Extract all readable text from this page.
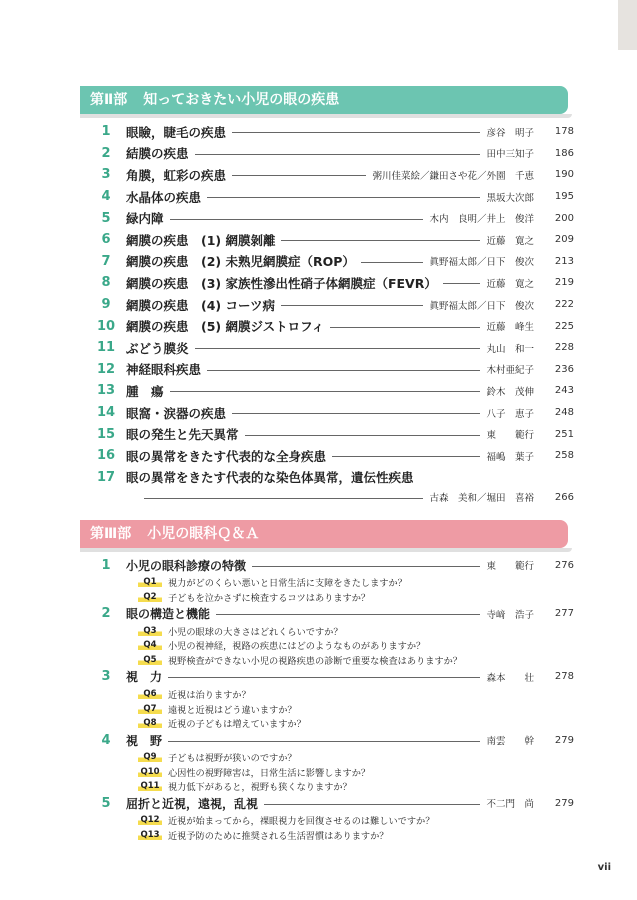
第Ⅱ部 知っておきたい小児の眼の疾患
1	眼瞼，睫毛の疾患	彦谷　明子	178
2	結膜の疾患	田中三知子	186
3	角膜，虹彩の疾患	粥川佳菜絵／鎌田さや花／外園　千恵	190
4	水晶体の疾患	黒坂大次郎	195
5	緑内障	木内　良明／井上　俊洋	200
6	網膜の疾患　(1) 網膜剝離	近藤　寛之	209
7	網膜の疾患　(2) 未熟児網膜症（ROP）	眞野福太郎／日下　俊次	213
8	網膜の疾患　(3) 家族性滲出性硝子体網膜症（FEVR）	近藤　寛之	219
9	網膜の疾患　(4) コーツ病	眞野福太郎／日下　俊次	222
10 網膜の疾患　(5) 網膜ジストロフィ	近藤　峰生	225
11 ぶどう膜炎	丸山　和一	228
12 神経眼科疾患	木村亜紀子	236
13 腫　瘍	鈴木　茂伸	243
14 眼窩・涙器の疾患	八子　恵子	248
15 眼の発生と先天異常	東　　範行	251
16 眼の異常をきたす代表的な全身疾患	福嶋　葉子	258
17 眼の異常をきたす代表的な染色体異常，遺伝性疾患
古森　美和／堀田　喜裕	266
第Ⅲ部 小児の眼科Ｑ＆Ａ
1	小児の眼科診療の特徴	東　　範行	276
Q1	視力がどのくらい悪いと日常生活に支障をきたしますか？
Q2	子どもを泣かさずに検査するコツはありますか？
2	眼の構造と機能	寺﨑　浩子	277
Q3	小児の眼球の大きさはどれくらいですか？
Q4	小児の視神経，視路の疾患にはどのようなものがありますか？
Q5	視野検査ができない小児の視路疾患の診断で重要な検査はありますか？
3	視　力	森本　　壮	278
Q6	近視は治りますか？
Q7	遠視と近視はどう違いますか？
Q8	近視の子どもは増えていますか？
4	視　野	南雲　　幹	279
Q9	子どもは視野が狭いのですか？
Q10 心因性の視野障害は，日常生活に影響しますか？
Q11 視力低下があると，視野も狭くなりますか？
5	屈折と近視，遠視，乱視	不二門　尚	279
Q12 近視が始まってから，裸眼視力を回復させるのは難しいですか？
Q13 近視予防のために推奨される生活習慣はありますか？
vii
